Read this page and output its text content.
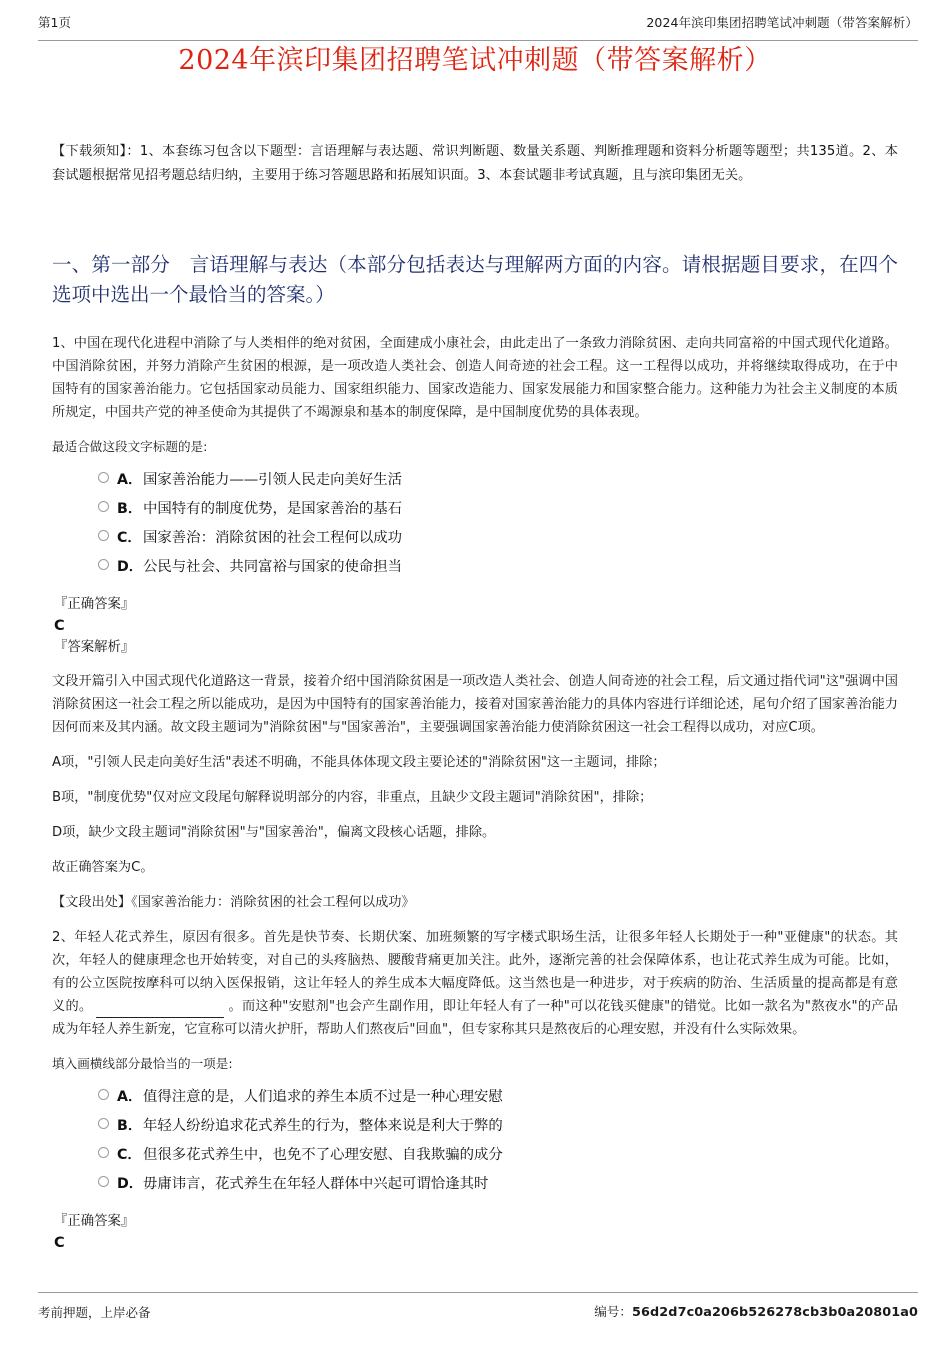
第1页	2024年滨印集团招聘笔试冲刺题（带答案解析）
2024年滨印集团招聘笔试冲刺题（带答案解析）

【下载须知】：1、本套练习包含以下题型：言语理解与表达题、常识判断题、数量关系题、判断推理题和资料分析题等题型；共135道。2、本套试题根据常见招考题总结归纳，主要用于练习答题思路和拓展知识面。3、本套试题非考试真题，且与滨印集团无关。

一、第一部分　言语理解与表达（本部分包括表达与理解两方面的内容。请根据题目要求，在四个选项中选出一个最恰当的答案。）

1、中国在现代化进程中消除了与人类相伴的绝对贫困，全面建成小康社会，由此走出了一条致力消除贫困、走向共同富裕的中国式现代化道路。中国消除贫困，并努力消除产生贫困的根源，是一项改造人类社会、创造人间奇迹的社会工程。这一工程得以成功，并将继续取得成功，在于中国特有的国家善治能力。它包括国家动员能力、国家组织能力、国家改造能力、国家发展能力和国家整合能力。这种能力为社会主义制度的本质所规定，中国共产党的神圣使命为其提供了不竭源泉和基本的制度保障，是中国制度优势的具体表现。

最适合做这段文字标题的是:

A． 国家善治能力——引领人民走向美好生活
B． 中国特有的制度优势，是国家善治的基石
C． 国家善治：消除贫困的社会工程何以成功
D． 公民与社会、共同富裕与国家的使命担当

『正确答案』

C

『答案解析』

文段开篇引入中国式现代化道路这一背景，接着介绍中国消除贫困是一项改造人类社会、创造人间奇迹的社会工程，后文通过指代词"这"强调中国消除贫困这一社会工程之所以能成功，是因为中国特有的国家善治能力，接着对国家善治能力的具体内容进行详细论述，尾句介绍了国家善治能力因何而来及其内涵。故文段主题词为"消除贫困"与"国家善治"，主要强调国家善治能力使消除贫困这一社会工程得以成功，对应C项。

A项，"引领人民走向美好生活"表述不明确，不能具体体现文段主要论述的"消除贫困"这一主题词，排除；

B项，"制度优势"仅对应文段尾句解释说明部分的内容，非重点，且缺少文段主题词"消除贫困"，排除；

D项，缺少文段主题词"消除贫困"与"国家善治"，偏离文段核心话题，排除。

故正确答案为C。

【文段出处】《国家善治能力：消除贫困的社会工程何以成功》

2、年轻人花式养生，原因有很多。首先是快节奏、长期伏案、加班频繁的写字楼式职场生活，让很多年轻人长期处于一种"亚健康"的状态。其次，年轻人的健康理念也开始转变，对自己的头疼脑热、腰酸背痛更加关注。此外，逐渐完善的社会保障体系，也让花式养生成为可能。比如，有的公立医院按摩科可以纳入医保报销，这让年轻人的养生成本大幅度降低。这当然也是一种进步，对于疾病的防治、生活质量的提高都是有意义的。	。而这种"安慰剂"也会产生副作用，即让年轻人有了一种"可以花钱买健康"的错觉。比如一款名为"熬夜水"的产品成为年轻人养生新宠，它宣称可以清火护肝，帮助人们熬夜后"回血"，但专家称其只是熬夜后的心理安慰，并没有什么实际效果。

填入画横线部分最恰当的一项是:

A． 值得注意的是，人们追求的养生本质不过是一种心理安慰
B． 年轻人纷纷追求花式养生的行为，整体来说是利大于弊的
C． 但很多花式养生中，也免不了心理安慰、自我欺骗的成分
D． 毋庸讳言，花式养生在年轻人群体中兴起可谓恰逢其时

『正确答案』

C

考前押题，上岸必备	编号：56d2d7c0a206b526278cb3b0a20801a0
